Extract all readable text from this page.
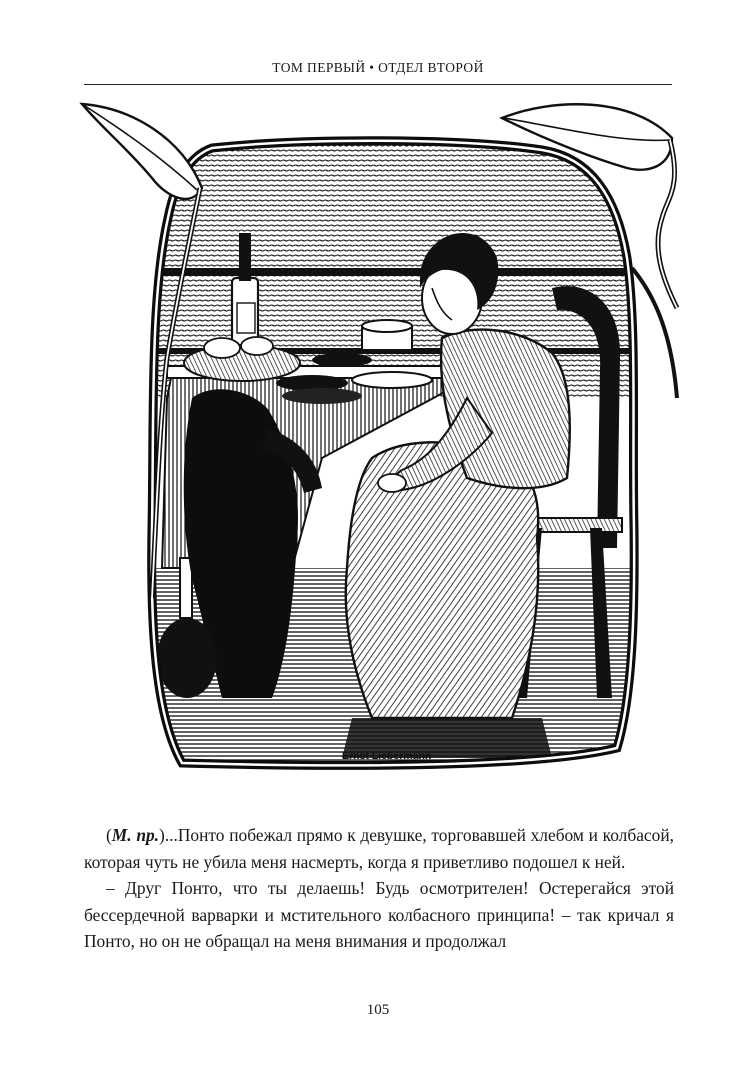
ТОМ ПЕРВЫЙ • ОТДЕЛ ВТОРОЙ
Ernst Liebermann

(М. пр.)...Понто побежал прямо к девушке, торговавшей хлебом и колбасой, которая чуть не убила меня насмерть, когда я приветливо подошел к ней.

– Друг Понто, что ты делаешь! Будь осмотрителен! Остерегайся этой бессердечной варварки и мстительного колбасного принципа! – так кричал я Понто, но он не обращал на меня внимания и продолжал

105
